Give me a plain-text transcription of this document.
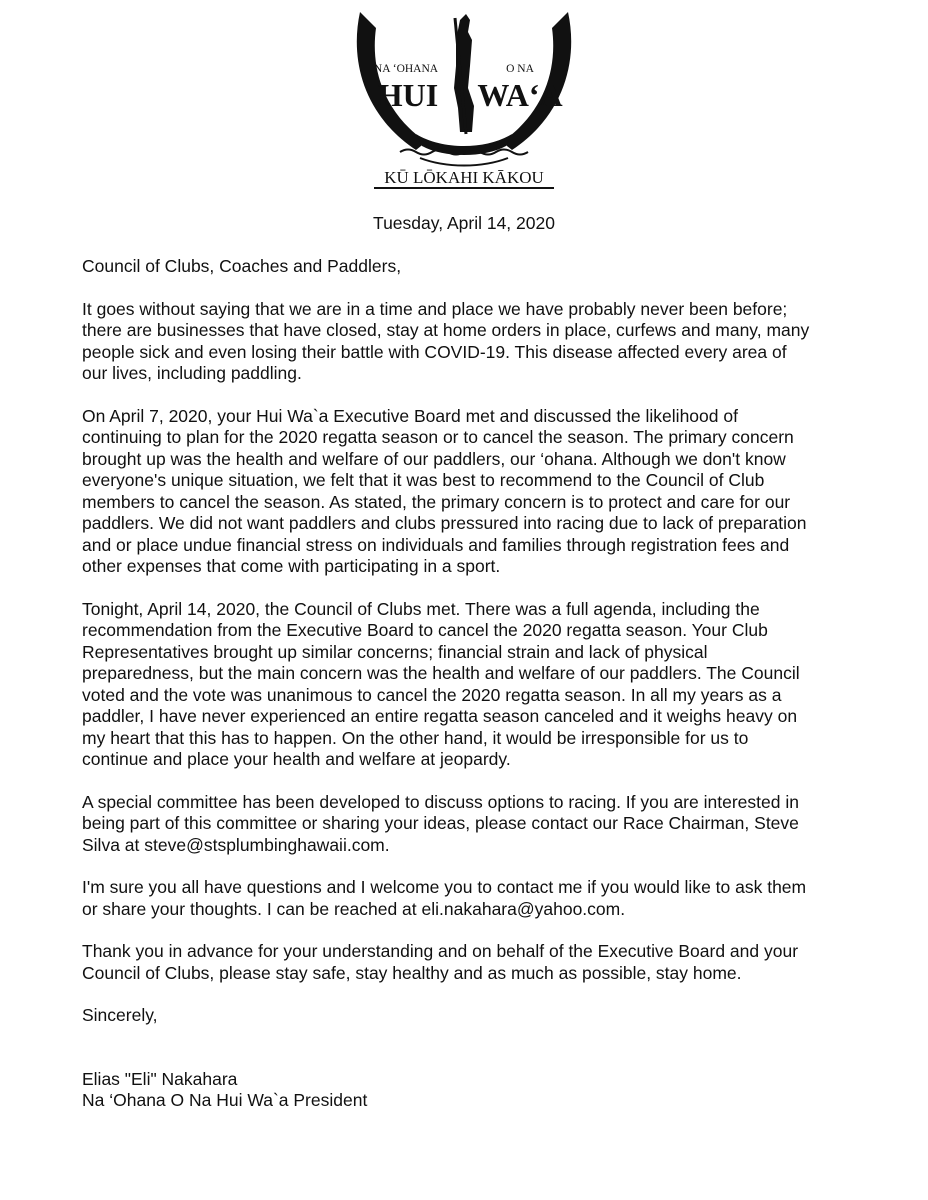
NA ʻOHANA	O NA
HUI WAʻA
KŪ LŌKAHI KĀKOU
Tuesday, April 14, 2020

Council of Clubs, Coaches and Paddlers,

It goes without saying that we are in a time and place we have probably never been before;
there are businesses that have closed, stay at home orders in place, curfews and many, many
people sick and even losing their battle with COVID-19. This disease affected every area of
our lives, including paddling.

On April 7, 2020, your Hui Wa`a Executive Board met and discussed the likelihood of
continuing to plan for the 2020 regatta season or to cancel the season. The primary concern
brought up was the health and welfare of our paddlers, our ‘ohana. Although we don't know
everyone's unique situation, we felt that it was best to recommend to the Council of Club
members to cancel the season. As stated, the primary concern is to protect and care for our
paddlers. We did not want paddlers and clubs pressured into racing due to lack of preparation
and or place undue financial stress on individuals and families through registration fees and
other expenses that come with participating in a sport.

Tonight, April 14, 2020, the Council of Clubs met. There was a full agenda, including the
recommendation from the Executive Board to cancel the 2020 regatta season. Your Club
Representatives brought up similar concerns; financial strain and lack of physical
preparedness, but the main concern was the health and welfare of our paddlers. The Council
voted and the vote was unanimous to cancel the 2020 regatta season. In all my years as a
paddler, I have never experienced an entire regatta season canceled and it weighs heavy on
my heart that this has to happen. On the other hand, it would be irresponsible for us to
continue and place your health and welfare at jeopardy.

A special committee has been developed to discuss options to racing. If you are interested in
being part of this committee or sharing your ideas, please contact our Race Chairman, Steve
Silva at steve@stsplumbinghawaii.com.

I'm sure you all have questions and I welcome you to contact me if you would like to ask them
or share your thoughts. I can be reached at eli.nakahara@yahoo.com.

Thank you in advance for your understanding and on behalf of the Executive Board and your
Council of Clubs, please stay safe, stay healthy and as much as possible, stay home.

Sincerely,

Elias "Eli" Nakahara

Na ‘Ohana O Na Hui Wa`a President
